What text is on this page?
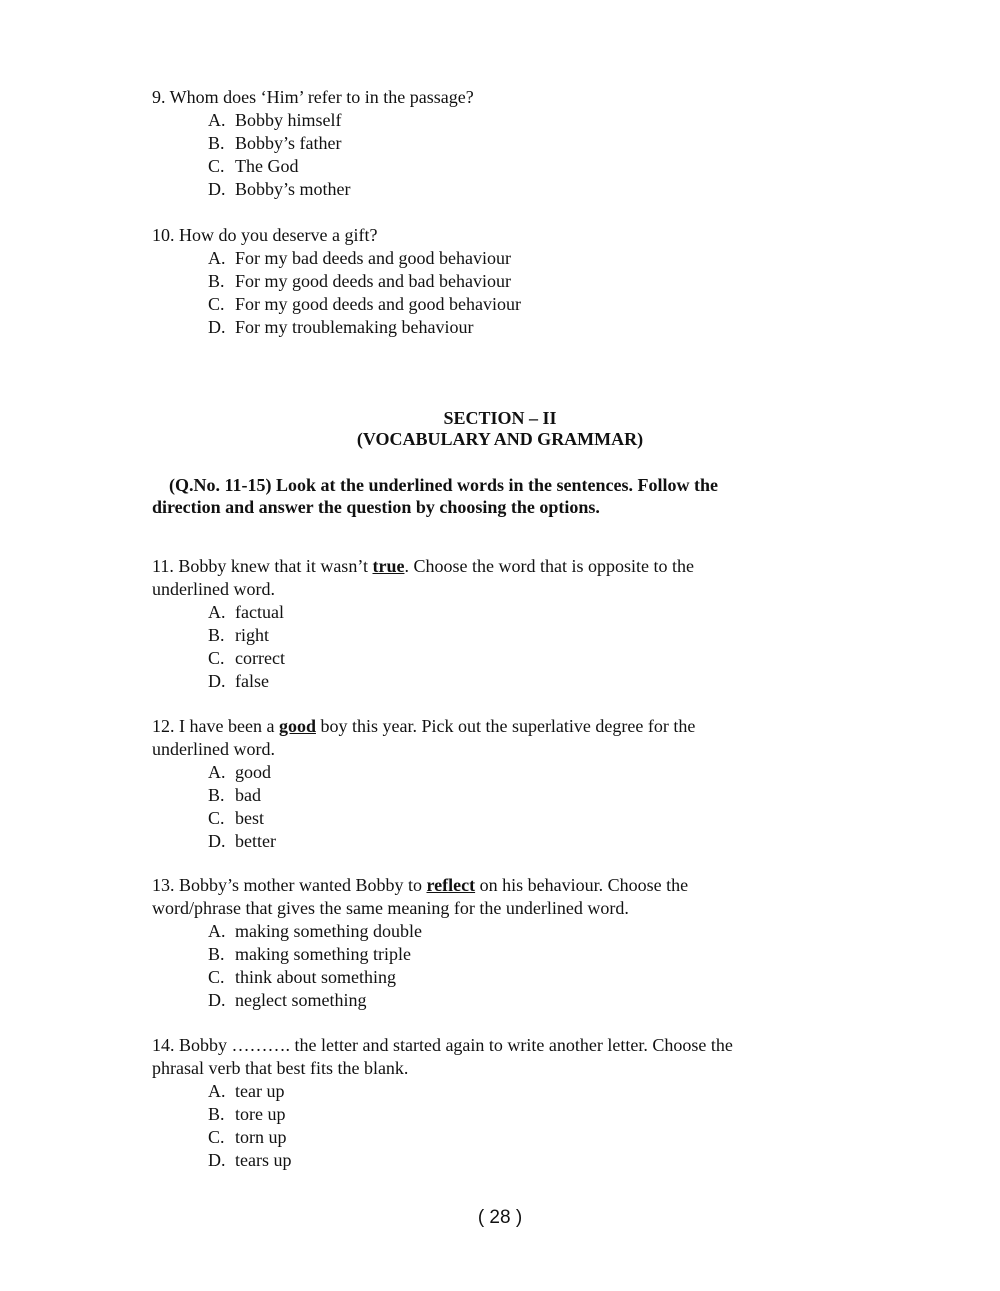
9. Whom does ‘Him’ refer to in the passage?

A. Bobby himself
B. Bobby’s father
C. The God
D. Bobby’s mother

10. How do you deserve a gift?

A. For my bad deeds and good behaviour
B. For my good deeds and bad behaviour
C. For my good deeds and good behaviour
D. For my troublemaking behaviour
SECTION – II
(VOCABULARY AND GRAMMAR)

(Q.No. 11-15) Look at the underlined words in the sentences. Follow the
direction and answer the question by choosing the options.

11. Bobby knew that it wasn’t true. Choose the word that is opposite to the
underlined word.

A. factual
B. right
C. correct
D. false

12. I have been a good boy this year. Pick out the superlative degree for the
underlined word.

A. good
B. bad
C. best
D. better

13. Bobby’s mother wanted Bobby to reflect on his behaviour. Choose the
word/phrase that gives the same meaning for the underlined word.

A. making something double
B. making something triple
C. think about something
D. neglect something

14. Bobby ………. the letter and started again to write another letter. Choose the
phrasal verb that best fits the blank.

A. tear up
B. tore up
C. torn up
D. tears up
( 28 )
